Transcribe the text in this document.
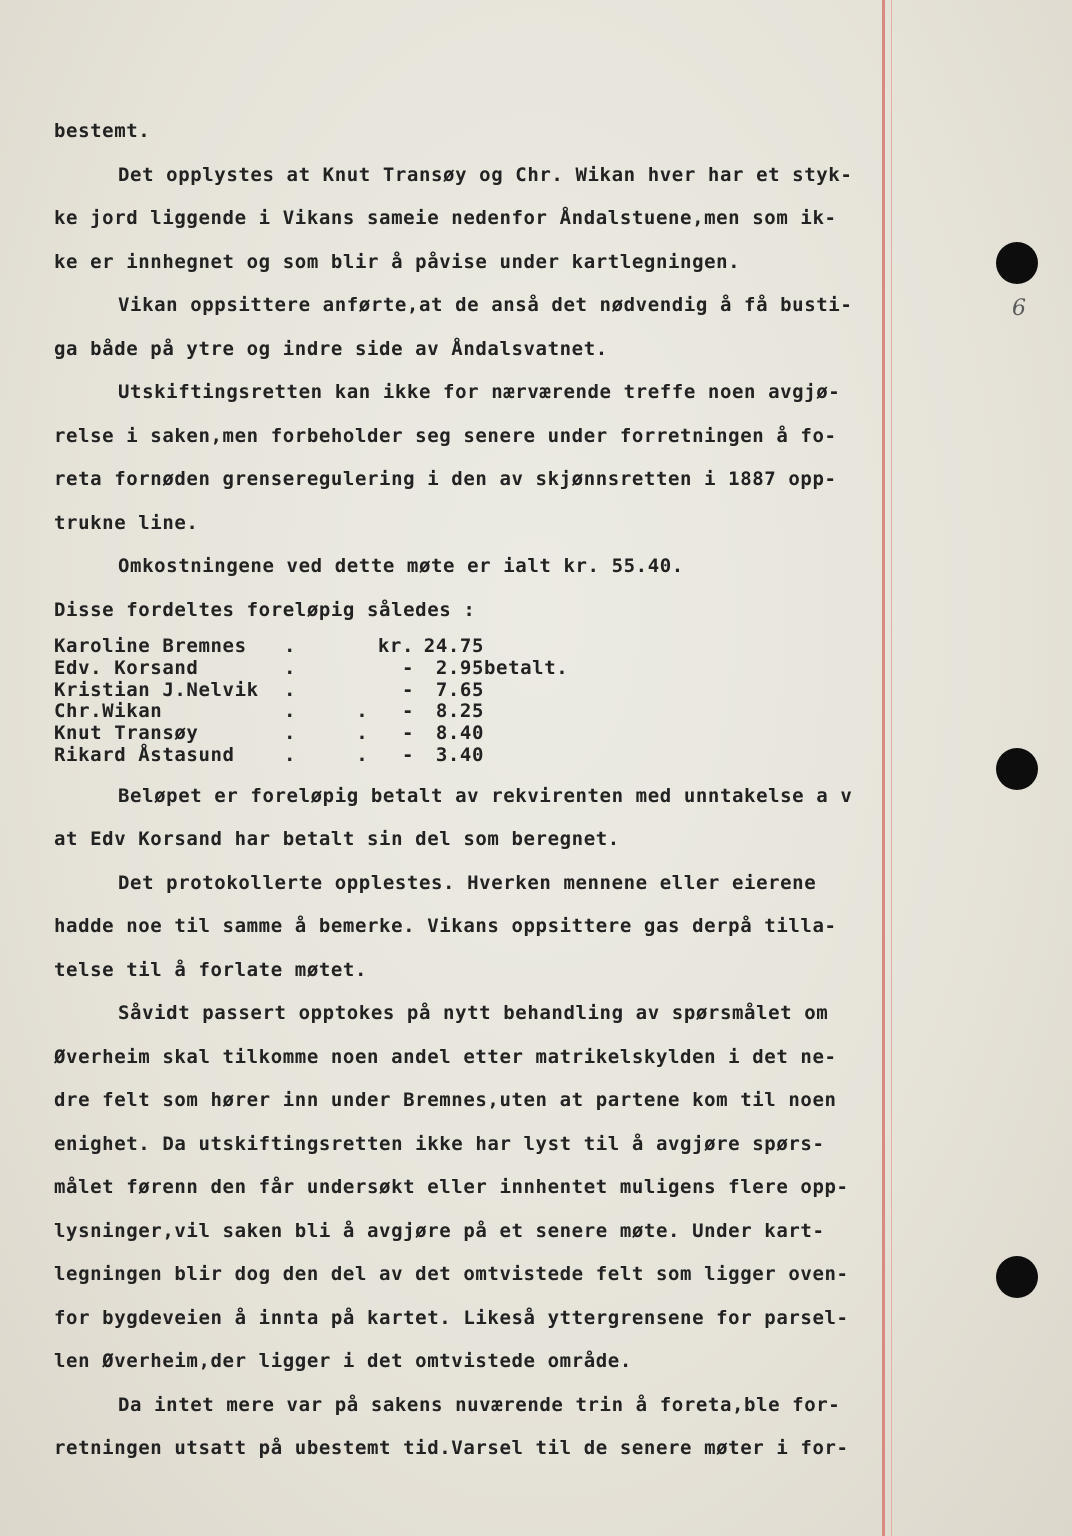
6
bestemt.
Det opplystes at Knut Transøy og Chr. Wikan hver har et styk-
ke jord liggende i Vikans sameie nedenfor Åndalstuene,men som ik-
ke er innhegnet og som blir å påvise under kartlegningen.
Vikan oppsittere anførte,at de anså det nødvendig å få busti-
ga både på ytre og indre side av Åndalsvatnet.
Utskiftingsretten kan ikke for nærværende treffe noen avgjø-
relse i saken,men forbeholder seg senere under forretningen å fo-
reta fornøden grenseregulering i den av skjønnsretten i 1887 opp-
trukne line.
Omkostningene ved dette møte er ialt kr. 55.40.
Disse fordeltes foreløpig således :
Karoline Bremnes	.	kr.	24.75	
Edv. Korsand	.	-	2.95	betalt.
Kristian J.Nelvik	.	-	7.65	
Chr.Wikan	.     .	-	8.25	
Knut Transøy	.     .	-	8.40	
Rikard Åstasund	.     .	-	3.40	
Beløpet er foreløpig betalt av rekvirenten med unntakelse a v
at Edv Korsand har betalt sin del som beregnet.
Det protokollerte opplestes. Hverken mennene eller eierene
hadde noe til samme å bemerke. Vikans oppsittere gas derpå tilla-
telse til å forlate møtet.
Såvidt passert opptokes på nytt behandling av spørsmålet om
Øverheim skal tilkomme noen andel etter matrikelskylden i det ne-
dre felt som hører inn under Bremnes,uten at partene kom til noen
enighet. Da utskiftingsretten ikke har lyst til å avgjøre spørs-
målet førenn den får undersøkt eller innhentet muligens flere opp-
lysninger,vil saken bli å avgjøre på et senere møte. Under kart-
legningen blir dog den del av det omtvistede felt som ligger oven-
for bygdeveien å innta på kartet. Likeså yttergrensene for parsel-
len Øverheim,der ligger i det omtvistede område.
Da intet mere var på sakens nuværende trin å foreta,ble for-
retningen utsatt på ubestemt tid.Varsel til de senere møter i for-
